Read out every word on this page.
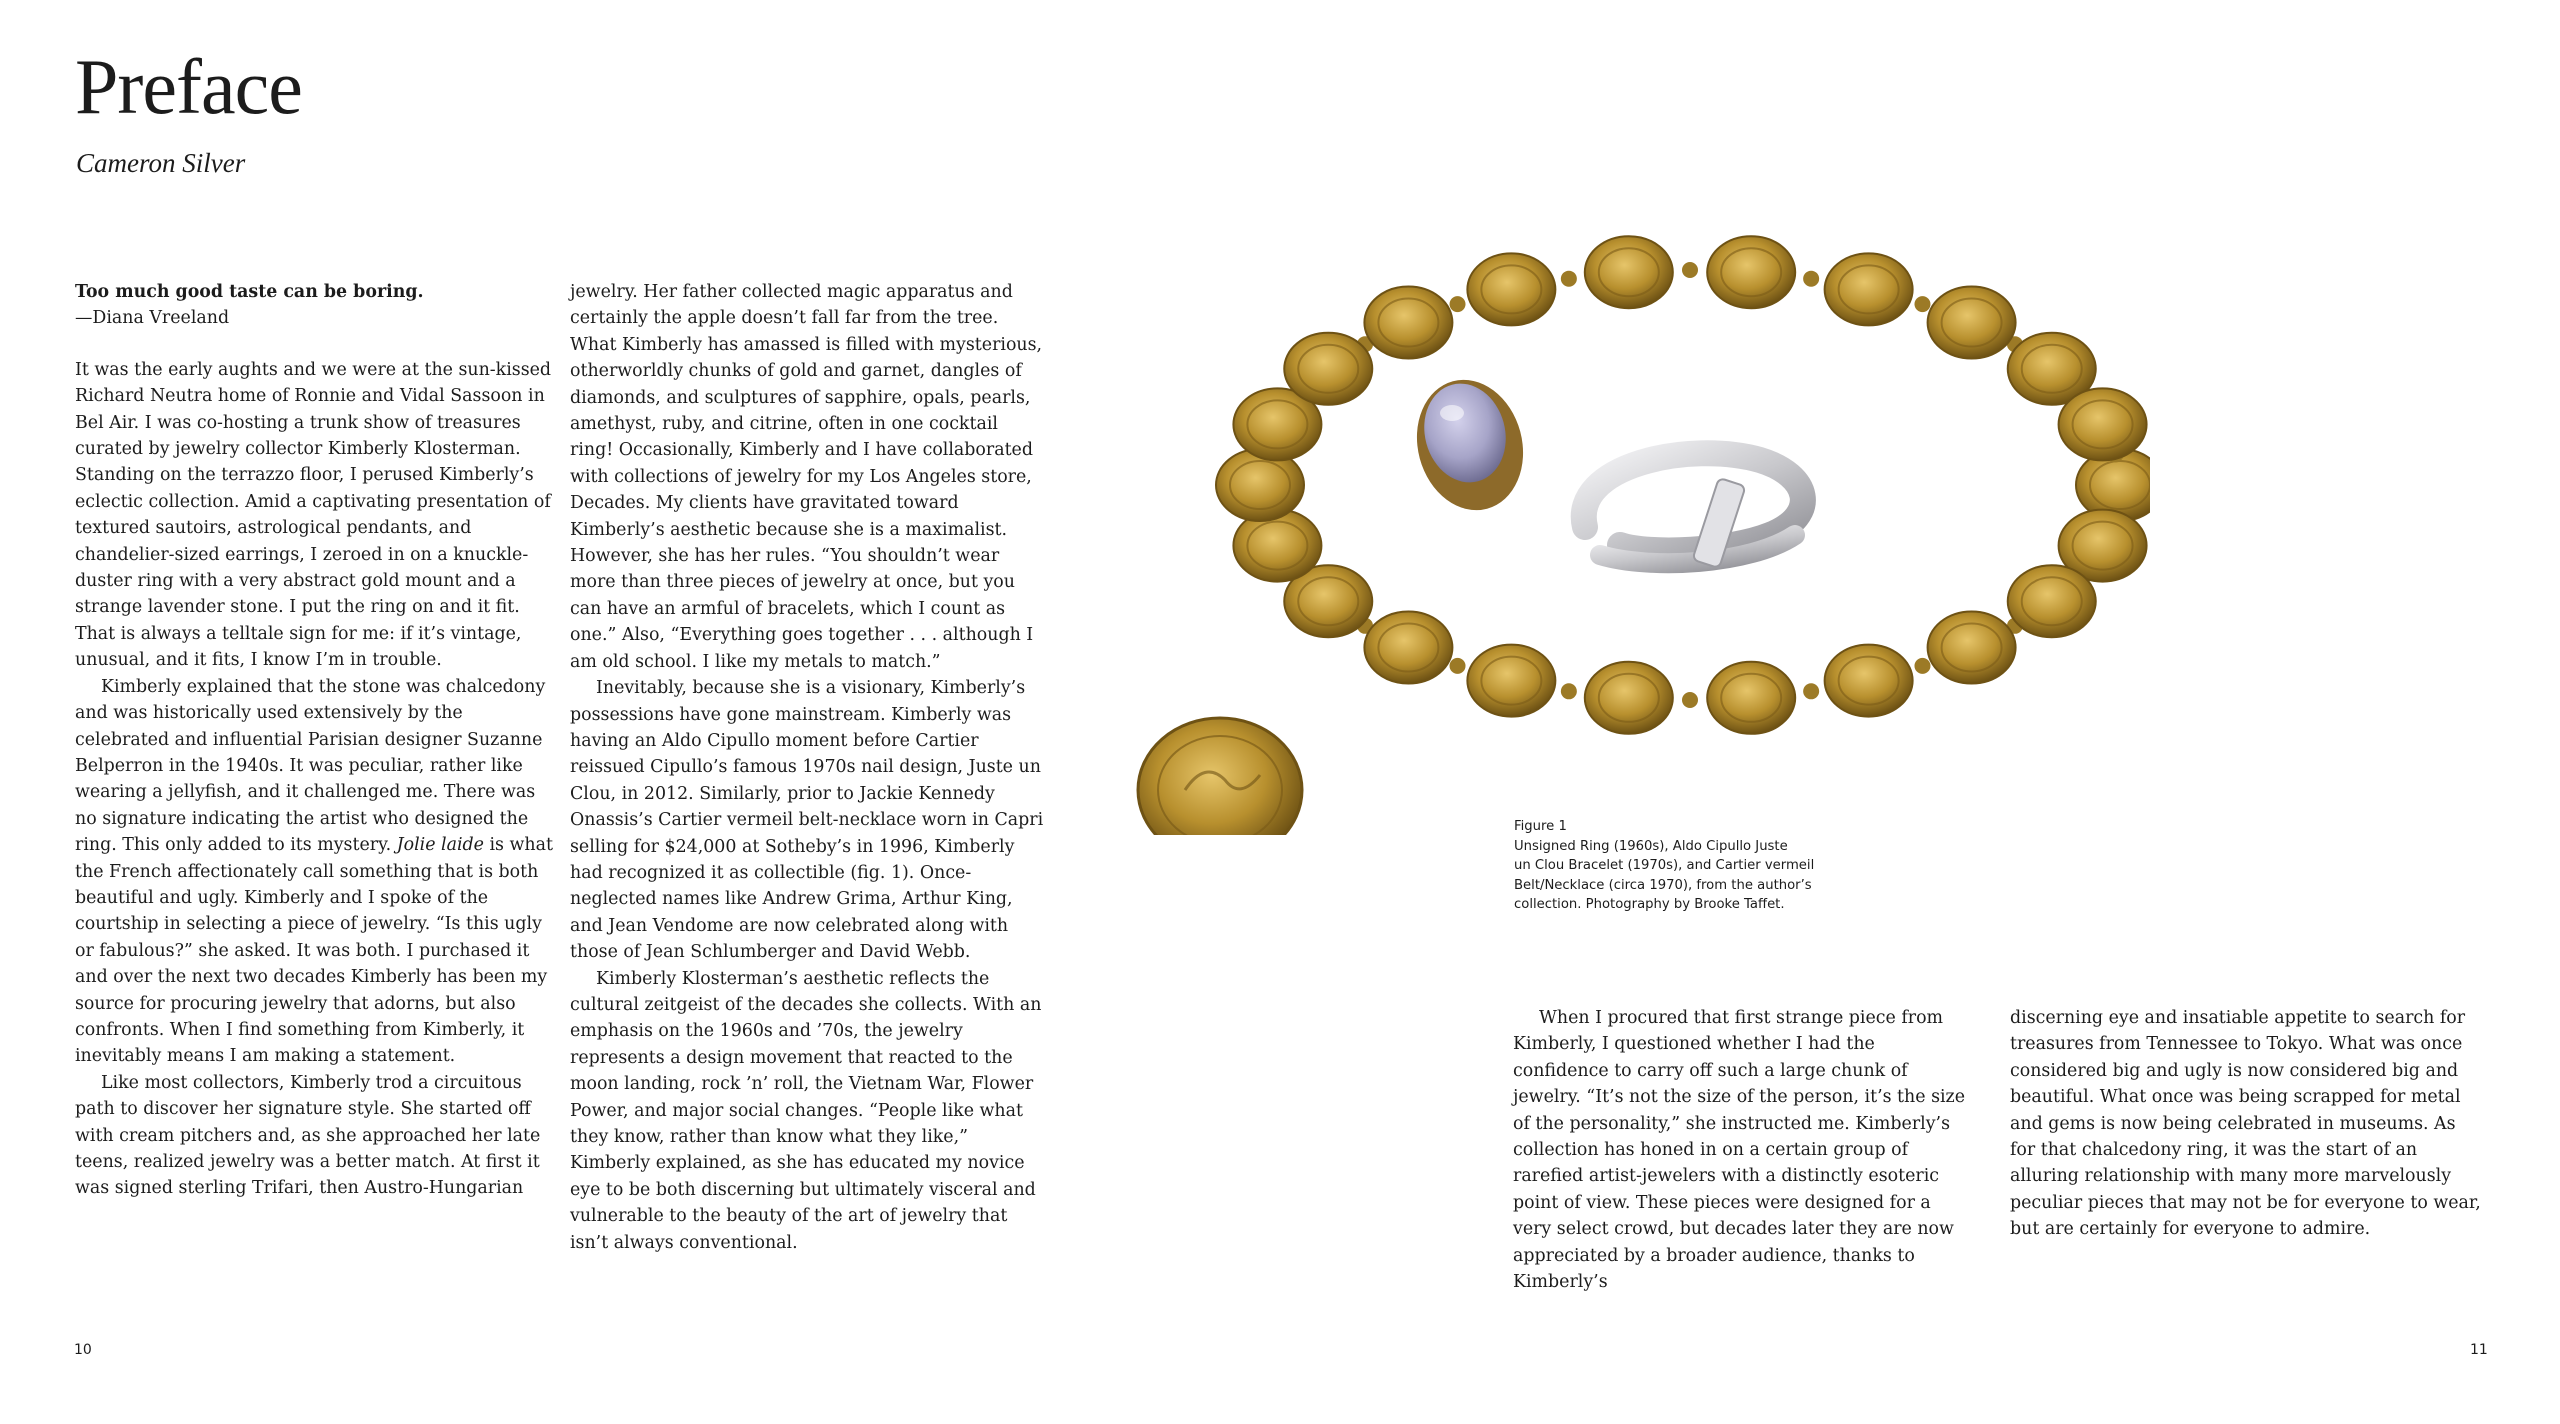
Preface
Cameron Silver
Too much good taste can be boring.
—Diana Vreeland

It was the early aughts and we were at the sun-kissed Richard Neutra home of Ronnie and Vidal Sassoon in Bel Air. I was co-hosting a trunk show of treasures curated by jewelry collector Kimberly Klosterman. Standing on the terrazzo floor, I perused Kimberly’s eclectic collection. Amid a captivating presentation of textured sautoirs, astrological pendants, and chandelier-sized earrings, I zeroed in on a knuckle-duster ring with a very abstract gold mount and a strange lavender stone. I put the ring on and it fit. That is always a telltale sign for me: if it’s vintage, unusual, and it fits, I know I’m in trouble.

Kimberly explained that the stone was chalcedony and was historically used extensively by the celebrated and influential Parisian designer Suzanne Belperron in the 1940s. It was peculiar, rather like wearing a jellyfish, and it challenged me. There was no signature indicating the artist who designed the ring. This only added to its mystery. Jolie laide is what the French affectionately call something that is both beautiful and ugly. Kimberly and I spoke of the courtship in selecting a piece of jewelry. “Is this ugly or fabulous?” she asked. It was both. I purchased it and over the next two decades Kimberly has been my source for procuring jewelry that adorns, but also confronts. When I find something from Kimberly, it inevitably means I am making a statement.

Like most collectors, Kimberly trod a circuitous path to discover her signature style. She started off with cream pitchers and, as she approached her late teens, realized jewelry was a better match. At first it was signed sterling Trifari, then Austro-Hungarian

jewelry. Her father collected magic apparatus and certainly the apple doesn’t fall far from the tree. What Kimberly has amassed is filled with mysterious, otherworldly chunks of gold and garnet, dangles of diamonds, and sculptures of sapphire, opals, pearls, amethyst, ruby, and citrine, often in one cocktail ring! Occasionally, Kimberly and I have collaborated with collections of jewelry for my Los Angeles store, Decades. My clients have gravitated toward Kimberly’s aesthetic because she is a maximalist. However, she has her rules. “You shouldn’t wear more than three pieces of jewelry at once, but you can have an armful of bracelets, which I count as one.” Also, “Everything goes together . . . although I am old school. I like my metals to match.”

Inevitably, because she is a visionary, Kimberly’s possessions have gone mainstream. Kimberly was having an Aldo Cipullo moment before Cartier reissued Cipullo’s famous 1970s nail design, Juste un Clou, in 2012. Similarly, prior to Jackie Kennedy Onassis’s Cartier vermeil belt-necklace worn in Capri selling for $24,000 at Sotheby’s in 1996, Kimberly had recognized it as collectible (fig. 1). Once-neglected names like Andrew Grima, Arthur King, and Jean Vendome are now celebrated along with those of Jean Schlumberger and David Webb.

Kimberly Klosterman’s aesthetic reflects the cultural zeitgeist of the decades she collects. With an emphasis on the 1960s and ’70s, the jewelry represents a design movement that reacted to the moon landing, rock ’n’ roll, the Vietnam War, Flower Power, and major social changes. “People like what they know, rather than know what they like,” Kimberly explained, as she has educated my novice eye to be both discerning but ultimately visceral and vulnerable to the beauty of the art of jewelry that isn’t always conventional.

Figure 1
Unsigned Ring (1960s), Aldo Cipullo Juste
un Clou Bracelet (1970s), and Cartier vermeil
Belt/Necklace (circa 1970), from the author’s
collection. Photography by Brooke Taffet.

When I procured that first strange piece from Kimberly, I questioned whether I had the confidence to carry off such a large chunk of jewelry. “It’s not the size of the person, it’s the size of the personality,” she instructed me. Kimberly’s collection has honed in on a certain group of rarefied artist-jewelers with a distinctly esoteric point of view. These pieces were designed for a very select crowd, but decades later they are now appreciated by a broader audience, thanks to Kimberly’s

discerning eye and insatiable appetite to search for treasures from Tennessee to Tokyo. What was once considered big and ugly is now considered big and beautiful. What once was being scrapped for metal and gems is now being celebrated in museums. As for that chalcedony ring, it was the start of an alluring relationship with many more marvelously peculiar pieces that may not be for everyone to wear, but are certainly for everyone to admire.

10	11
